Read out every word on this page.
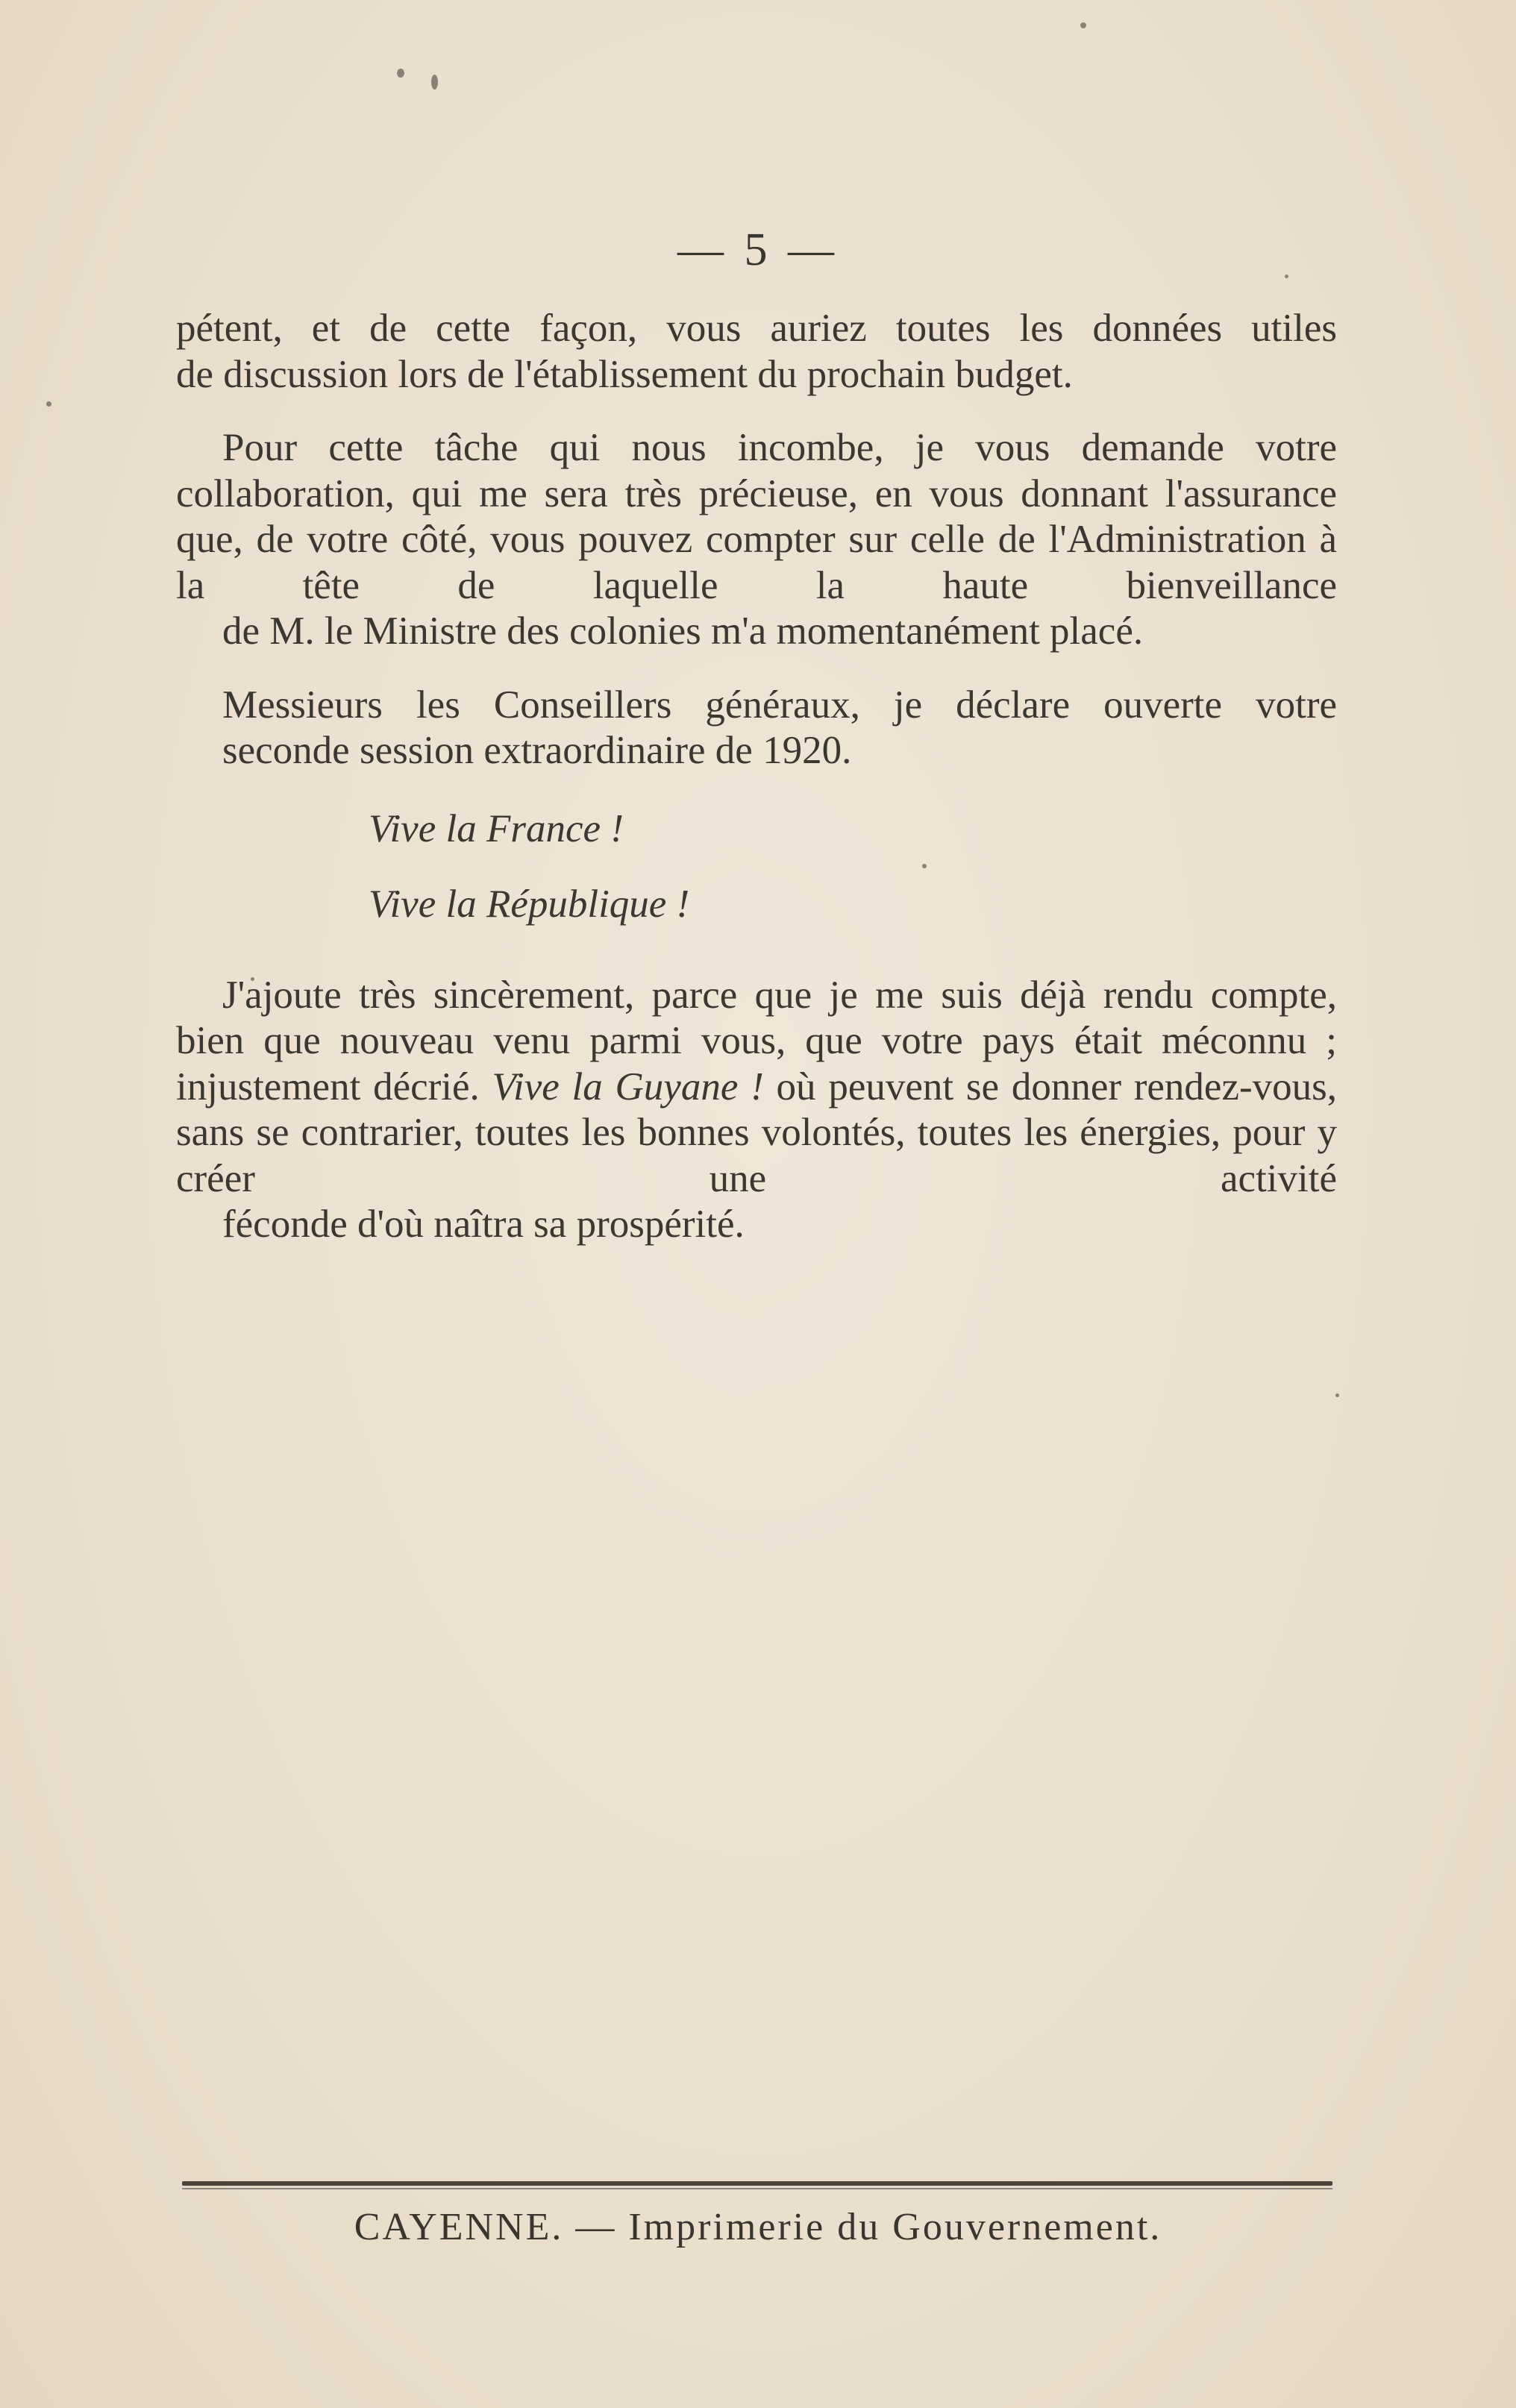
— 5 —

pétent, et de cette façon, vous auriez toutes les données utiles
de discussion lors de l'établissement du prochain budget.

Pour cette tâche qui nous incombe, je vous demande votre collaboration, qui me sera très précieuse, en vous donnant l'assurance que, de votre côté, vous pouvez compter sur celle de l'Administration à la tête de laquelle la haute bienveillance
de M. le Ministre des colonies m'a momentanément placé.

Messieurs les Conseillers généraux, je déclare ouverte votre
seconde session extraordinaire de 1920.

Vive la France !

Vive la République !

J'ajoute très sincèrement, parce que je me suis déjà rendu compte, bien que nouveau venu parmi vous, que votre pays était méconnu ; injustement décrié. Vive la Guyane ! où peuvent se donner rendez-vous, sans se contrarier, toutes les bonnes volontés, toutes les énergies, pour y créer une activité
féconde d'où naîtra sa prospérité.

CAYENNE. — Imprimerie du Gouvernement.
